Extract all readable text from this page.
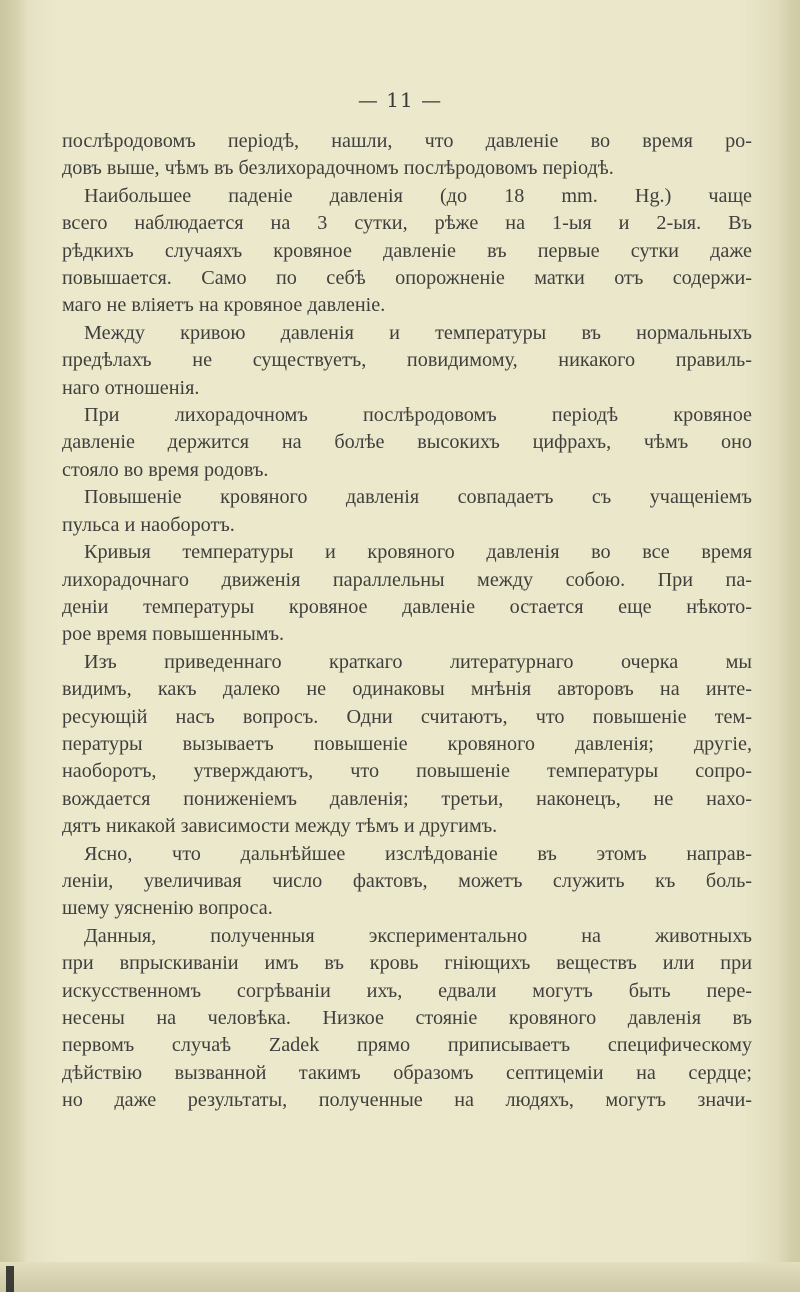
— 11 —
послѣродовомъ періодѣ, нашли, что давленіе во время ро-
довъ выше, чѣмъ въ безлихорадочномъ послѣродовомъ періодѣ.
Наибольшее паденіе давленія (до 18 mm. Hg.) чаще
всего наблюдается на 3 сутки, рѣже на 1-ыя и 2-ыя. Въ
рѣдкихъ случаяхъ кровяное давленіе въ первые сутки даже
повышается. Само по себѣ опорожненіе матки отъ содержи-
маго не вліяетъ на кровяное давленіе.
Между кривою давленія и температуры въ нормальныхъ
предѣлахъ не существуетъ, повидимому, никакого правиль-
наго отношенія.
При лихорадочномъ послѣродовомъ періодѣ кровяное
давленіе держится на болѣе высокихъ цифрахъ, чѣмъ оно
стояло во время родовъ.
Повышеніе кровяного давленія совпадаетъ съ учащеніемъ
пульса и наоборотъ.
Кривыя температуры и кровяного давленія во все время
лихорадочнаго движенія параллельны между собою. При па-
деніи температуры кровяное давленіе остается еще нѣкото-
рое время повышеннымъ.
Изъ приведеннаго краткаго литературнаго очерка мы
видимъ, какъ далеко не одинаковы мнѣнія авторовъ на инте-
ресующій насъ вопросъ. Одни считаютъ, что повышеніе тем-
пературы вызываетъ повышеніе кровяного давленія; другіе,
наоборотъ, утверждаютъ, что повышеніе температуры сопро-
вождается пониженіемъ давленія; третьи, наконецъ, не нахо-
дятъ никакой зависимости между тѣмъ и другимъ.
Ясно, что дальнѣйшее изслѣдованіе въ этомъ направ-
леніи, увеличивая число фактовъ, можетъ служить къ боль-
шему уясненію вопроса.
Данныя, полученныя экспериментально на животныхъ
при впрыскиваніи имъ въ кровь гніющихъ веществъ или при
искусственномъ согрѣваніи ихъ, едвали могутъ быть пере-
несены на человѣка. Низкое стояніе кровяного давленія въ
первомъ случаѣ Zadek прямо приписываетъ специфическому
дѣйствію вызванной такимъ образомъ септицеміи на сердце;
но даже результаты, полученные на людяхъ, могутъ значи-
